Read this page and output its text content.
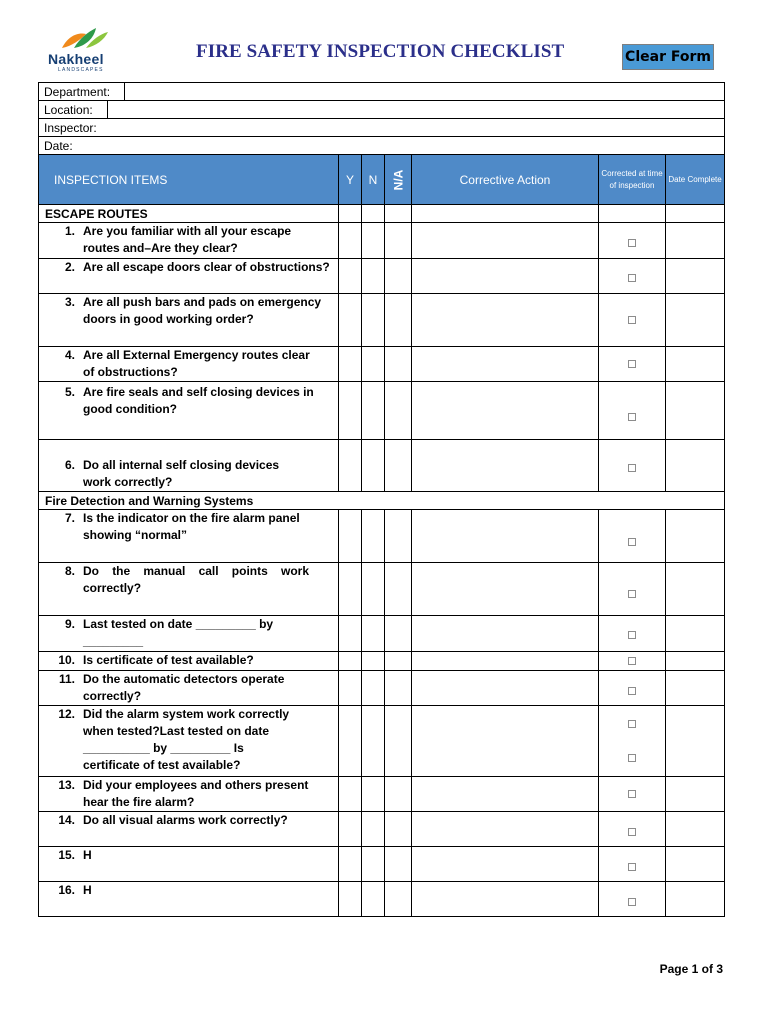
Nakheel
LANDSCAPES
FIRE SAFETY INSPECTION CHECKLIST	Clear Form
Department:						

Location:						

Inspector:						
Date:						
INSPECTION ITEMS	Y	N	N/A	Corrective Action	Corrected at time of inspection	Date Complete
ESCAPE ROUTES						
1. Are you familiar with all your escape routes and–Are they clear?						
2. Are all escape doors clear of obstructions?						
3. Are all push bars and pads on emergency doors in good working order?						
4. Are all External Emergency routes clear of obstructions?						
5. Are fire seals and self closing devices in good condition?						
6. Do all internal self closing devices work correctly?						
Fire Detection and Warning Systems						
7. Is the indicator on the fire alarm panel showing “normal”						
8. Do the manual call points work correctly?						
9. Last tested on date _________ by _________						
10. Is certificate of test available?						
11. Do the automatic detectors operate correctly?						
12. Did the alarm system work correctly when tested?Last tested on date __________ by _________ Is certificate of test available?					

13. Did your employees and others present hear the fire alarm?						
14. Do all visual alarms work correctly?						
15. H						
16. H						
Page 1 of 3
